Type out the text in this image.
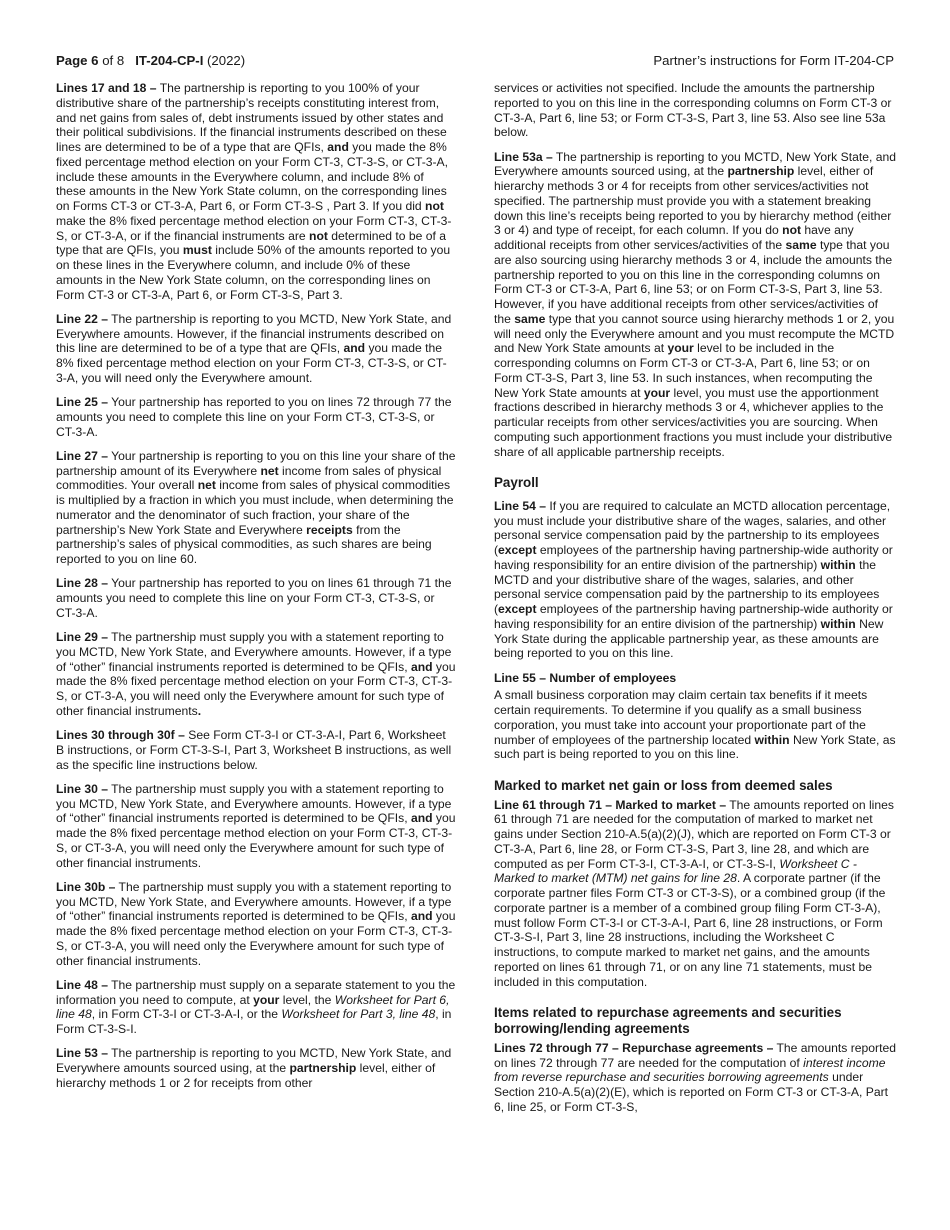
Page 6 of 8 IT-204-CP-I (2022)	Partner’s instructions for Form IT-204-CP

Lines 17 and 18 – The partnership is reporting to you 100% of your distributive share of the partnership’s receipts constituting interest from, and net gains from sales of, debt instruments issued by other states and their political subdivisions. If the financial instruments described on these lines are determined to be of a type that are QFIs, and you made the 8% fixed percentage method election on your Form CT-3, CT-3-S, or CT-3-A, include these amounts in the Everywhere column, and include 8% of these amounts in the New York State column, on the corresponding lines on Forms CT-3 or CT-3-A, Part 6, or Form CT-3-S , Part 3. If you did not make the 8% fixed percentage method election on your Form CT-3, CT-3-S, or CT-3-A, or if the financial instruments are not determined to be of a type that are QFIs, you must include 50% of the amounts reported to you on these lines in the Everywhere column, and include 0% of these amounts in the New York State column, on the corresponding lines on Form CT-3 or CT-3-A, Part 6, or Form CT-3-S, Part 3.

Line 22 – The partnership is reporting to you MCTD, New York State, and Everywhere amounts. However, if the financial instruments described on this line are determined to be of a type that are QFIs, and you made the 8% fixed percentage method election on your Form CT-3, CT-3-S, or CT-3-A, you will need only the Everywhere amount.

Line 25 – Your partnership has reported to you on lines 72 through 77 the amounts you need to complete this line on your Form CT-3, CT-3-S, or CT-3-A.

Line 27 – Your partnership is reporting to you on this line your share of the partnership amount of its Everywhere net income from sales of physical commodities. Your overall net income from sales of physical commodities is multiplied by a fraction in which you must include, when determining the numerator and the denominator of such fraction, your share of the partnership’s New York State and Everywhere receipts from the partnership’s sales of physical commodities, as such shares are being reported to you on line 60.

Line 28 – Your partnership has reported to you on lines 61 through 71 the amounts you need to complete this line on your Form CT-3, CT-3-S, or CT-3-A.

Line 29 – The partnership must supply you with a statement reporting to you MCTD, New York State, and Everywhere amounts. However, if a type of “other” financial instruments reported is determined to be QFIs, and you made the 8% fixed percentage method election on your Form CT-3, CT-3-S, or CT-3-A, you will need only the Everywhere amount for such type of other financial instruments.

Lines 30 through 30f – See Form CT-3-I or CT-3-A-I, Part 6, Worksheet B instructions, or Form CT-3-S-I, Part 3, Worksheet B instructions, as well as the specific line instructions below.

Line 30 – The partnership must supply you with a statement reporting to you MCTD, New York State, and Everywhere amounts. However, if a type of “other” financial instruments reported is determined to be QFIs, and you made the 8% fixed percentage method election on your Form CT-3, CT-3-S, or CT-3-A, you will need only the Everywhere amount for such type of other financial instruments.

Line 30b – The partnership must supply you with a statement reporting to you MCTD, New York State, and Everywhere amounts. However, if a type of “other” financial instruments reported is determined to be QFIs, and you made the 8% fixed percentage method election on your Form CT-3, CT-3-S, or CT-3-A, you will need only the Everywhere amount for such type of other financial instruments.

Line 48 – The partnership must supply on a separate statement to you the information you need to compute, at your level, the Worksheet for Part 6, line 48, in Form CT-3-I or CT-3-A-I, or the Worksheet for Part 3, line 48, in Form CT-3-S-I.

Line 53 – The partnership is reporting to you MCTD, New York State, and Everywhere amounts sourced using, at the partnership level, either of hierarchy methods 1 or 2 for receipts from other

services or activities not specified. Include the amounts the partnership reported to you on this line in the corresponding columns on Form CT-3 or CT-3-A, Part 6, line 53; or Form CT-3-S, Part 3, line 53. Also see line 53a below.

Line 53a – The partnership is reporting to you MCTD, New York State, and Everywhere amounts sourced using, at the partnership level, either of hierarchy methods 3 or 4 for receipts from other services/activities not specified. The partnership must provide you with a statement breaking down this line’s receipts being reported to you by hierarchy method (either 3 or 4) and type of receipt, for each column. If you do not have any additional receipts from other services/activities of the same type that you are also sourcing using hierarchy methods 3 or 4, include the amounts the partnership reported to you on this line in the corresponding columns on Form CT-3 or CT-3-A, Part 6, line 53; or on Form CT-3-S, Part 3, line 53. However, if you have additional receipts from other services/activities of the same type that you cannot source using hierarchy methods 1 or 2, you will need only the Everywhere amount and you must recompute the MCTD and New York State amounts at your level to be included in the corresponding columns on Form CT-3 or CT-3-A, Part 6, line 53; or on Form CT-3-S, Part 3, line 53. In such instances, when recomputing the New York State amounts at your level, you must use the apportionment fractions described in hierarchy methods 3 or 4, whichever applies to the particular receipts from other services/activities you are sourcing. When computing such apportionment fractions you must include your distributive share of all applicable partnership receipts.

Payroll

Line 54 – If you are required to calculate an MCTD allocation percentage, you must include your distributive share of the wages, salaries, and other personal service compensation paid by the partnership to its employees (except employees of the partnership having partnership-wide authority or having responsibility for an entire division of the partnership) within the MCTD and your distributive share of the wages, salaries, and other personal service compensation paid by the partnership to its employees (except employees of the partnership having partnership-wide authority or having responsibility for an entire division of the partnership) within New York State during the applicable partnership year, as these amounts are being reported to you on this line.

Line 55 – Number of employees

A small business corporation may claim certain tax benefits if it meets certain requirements. To determine if you qualify as a small business corporation, you must take into account your proportionate part of the number of employees of the partnership located within New York State, as such part is being reported to you on this line.

Marked to market net gain or loss from deemed sales

Line 61 through 71 – Marked to market – The amounts reported on lines 61 through 71 are needed for the computation of marked to market net gains under Section 210-A.5(a)(2)(J), which are reported on Form CT-3 or CT-3-A, Part 6, line 28, or Form CT-3-S, Part 3, line 28, and which are computed as per Form CT-3-I, CT-3-A-I, or CT-3-S-I, Worksheet C - Marked to market (MTM) net gains for line 28. A corporate partner (if the corporate partner files Form CT-3 or CT-3-S), or a combined group (if the corporate partner is a member of a combined group filing Form CT-3-A), must follow Form CT-3-I or CT-3-A-I, Part 6, line 28 instructions, or Form CT-3-S-I, Part 3, line 28 instructions, including the Worksheet C instructions, to compute marked to market net gains, and the amounts reported on lines 61 through 71, or on any line 71 statements, must be included in this computation.

Items related to repurchase agreements and securities borrowing/lending agreements

Lines 72 through 77 – Repurchase agreements – The amounts reported on lines 72 through 77 are needed for the computation of interest income from reverse repurchase and securities borrowing agreements under Section 210-A.5(a)(2)(E), which is reported on Form CT-3 or CT-3-A, Part 6, line 25, or Form CT-3-S,
